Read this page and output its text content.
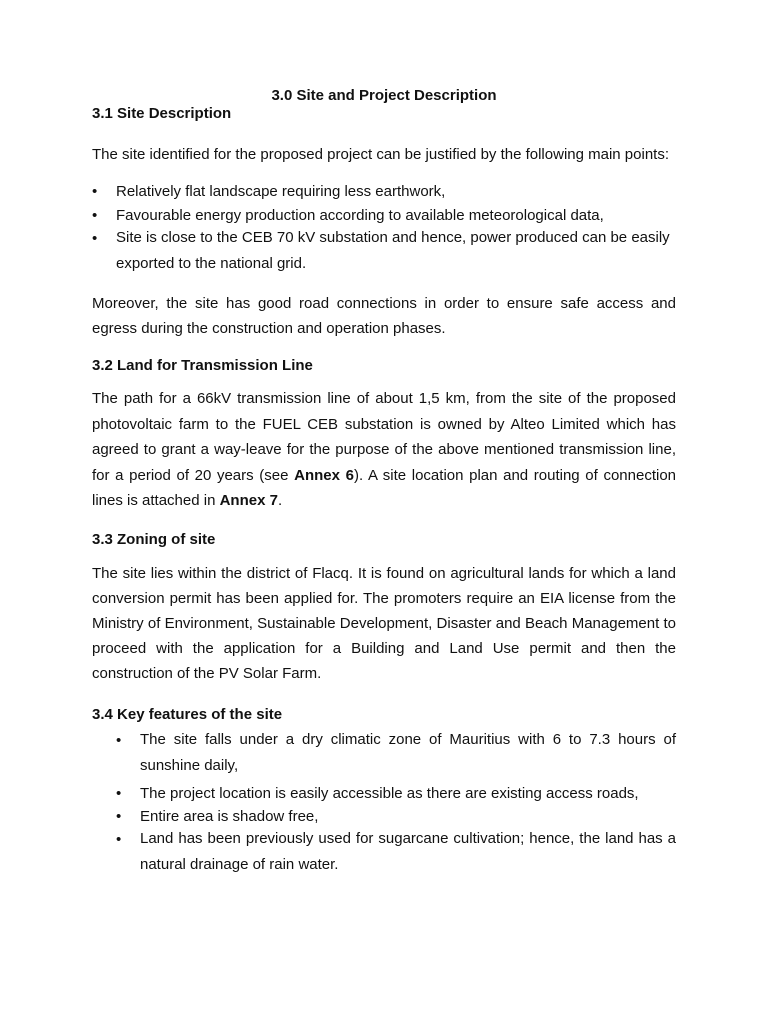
3.0 Site and Project Description

3.1 Site Description

The site identified for the proposed project can be justified by the following main points:

• Relatively flat landscape requiring less earthwork,

• Favourable energy production according to available meteorological data,

• Site is close to the CEB 70 kV substation and hence, power produced can be easily exported to the national grid.

Moreover, the site has good road connections in order to ensure safe access and egress during the construction and operation phases.

3.2 Land for Transmission Line

The path for a 66kV transmission line of about 1,5 km, from the site of the proposed photovoltaic farm to the FUEL CEB substation is owned by Alteo Limited which has agreed to grant a way-leave for the purpose of the above mentioned transmission line, for a period of 20 years (see Annex 6). A site location plan and routing of connection lines is attached in Annex 7.

3.3 Zoning of site

The site lies within the district of Flacq. It is found on agricultural lands for which a land conversion permit has been applied for. The promoters require an EIA license from the Ministry of Environment, Sustainable Development, Disaster and Beach Management to proceed with the application for a Building and Land Use permit and then the construction of the PV Solar Farm.

3.4 Key features of the site

• The site falls under a dry climatic zone of Mauritius with 6 to 7.3 hours of sunshine daily,

• The project location is easily accessible as there are existing access roads,

• Entire area is shadow free,

• Land has been previously used for sugarcane cultivation; hence, the land has a natural drainage of rain water.
